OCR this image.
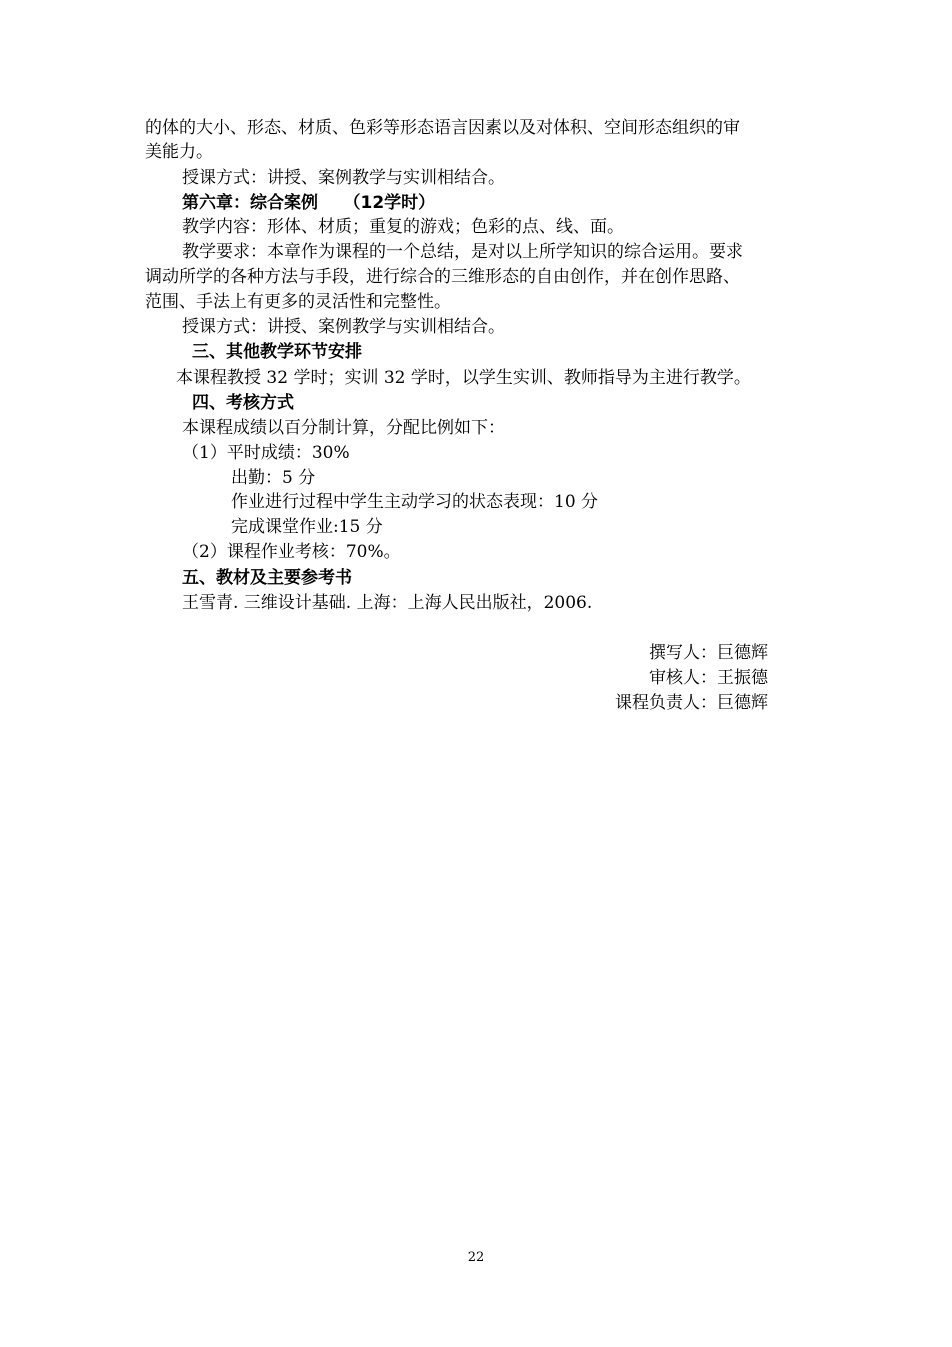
的体的大小、形态、材质、色彩等形态语言因素以及对体积、空间形态组织的审
美能力。
授课方式：讲授、案例教学与实训相结合。
第六章：综合案例　　（12学时）
教学内容：形体、材质；重复的游戏；色彩的点、线、面。
教学要求：本章作为课程的一个总结，是对以上所学知识的综合运用。要求
调动所学的各种方法与手段，进行综合的三维形态的自由创作，并在创作思路、
范围、手法上有更多的灵活性和完整性。
授课方式：讲授、案例教学与实训相结合。
三、其他教学环节安排
本课程教授 32 学时；实训 32 学时，以学生实训、教师指导为主进行教学。
四、考核方式
本课程成绩以百分制计算，分配比例如下：
（1）平时成绩：30%
出勤：5 分
作业进行过程中学生主动学习的状态表现：10 分
完成课堂作业:15 分
（2）课程作业考核：70%。
五、教材及主要参考书
王雪青. 三维设计基础. 上海：上海人民出版社，2006.
撰写人：巨德辉
审核人：王振德
课程负责人：巨德辉
22
